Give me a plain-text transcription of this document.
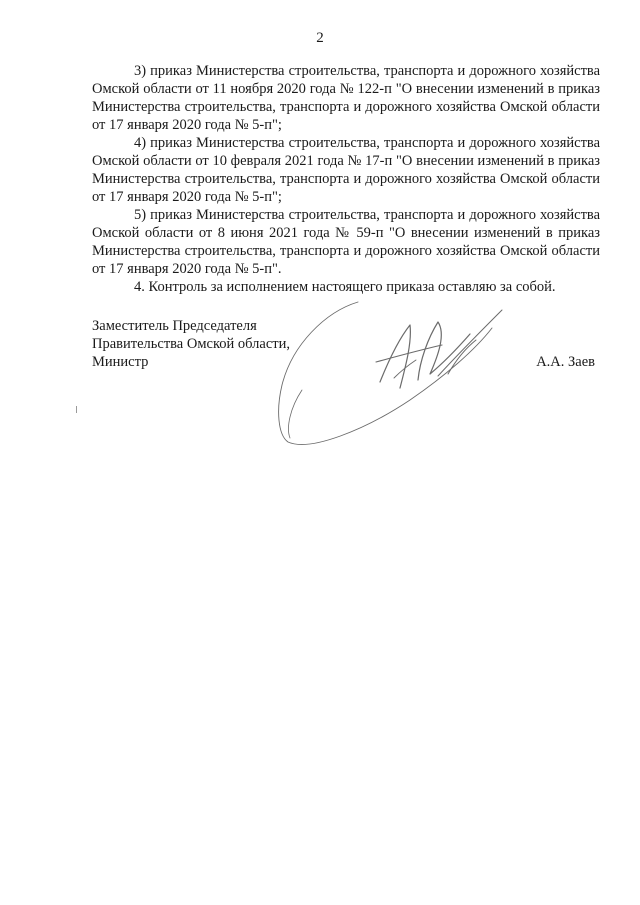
2

3) приказ Министерства строительства, транспорта и дорожного хозяйства Омской области от 11 ноября 2020 года № 122-п "О внесении изменений в приказ Министерства строительства, транспорта и дорожного хозяйства Омской области от 17 января 2020 года № 5-п";

4) приказ Министерства строительства, транспорта и дорожного хозяйства Омской области от 10 февраля 2021 года № 17-п "О внесении изменений в приказ Министерства строительства, транспорта и дорожного хозяйства Омской области от 17 января 2020 года № 5-п";

5) приказ Министерства строительства, транспорта и дорожного хозяйства Омской области от 8 июня 2021 года № 59-п "О внесении изменений в приказ Министерства строительства, транспорта и дорожного хозяйства Омской области от 17 января 2020 года № 5-п".

4. Контроль за исполнением настоящего приказа оставляю за собой.

Заместитель Председателя
Правительства Омской области,
Министр	А.А. Заев
